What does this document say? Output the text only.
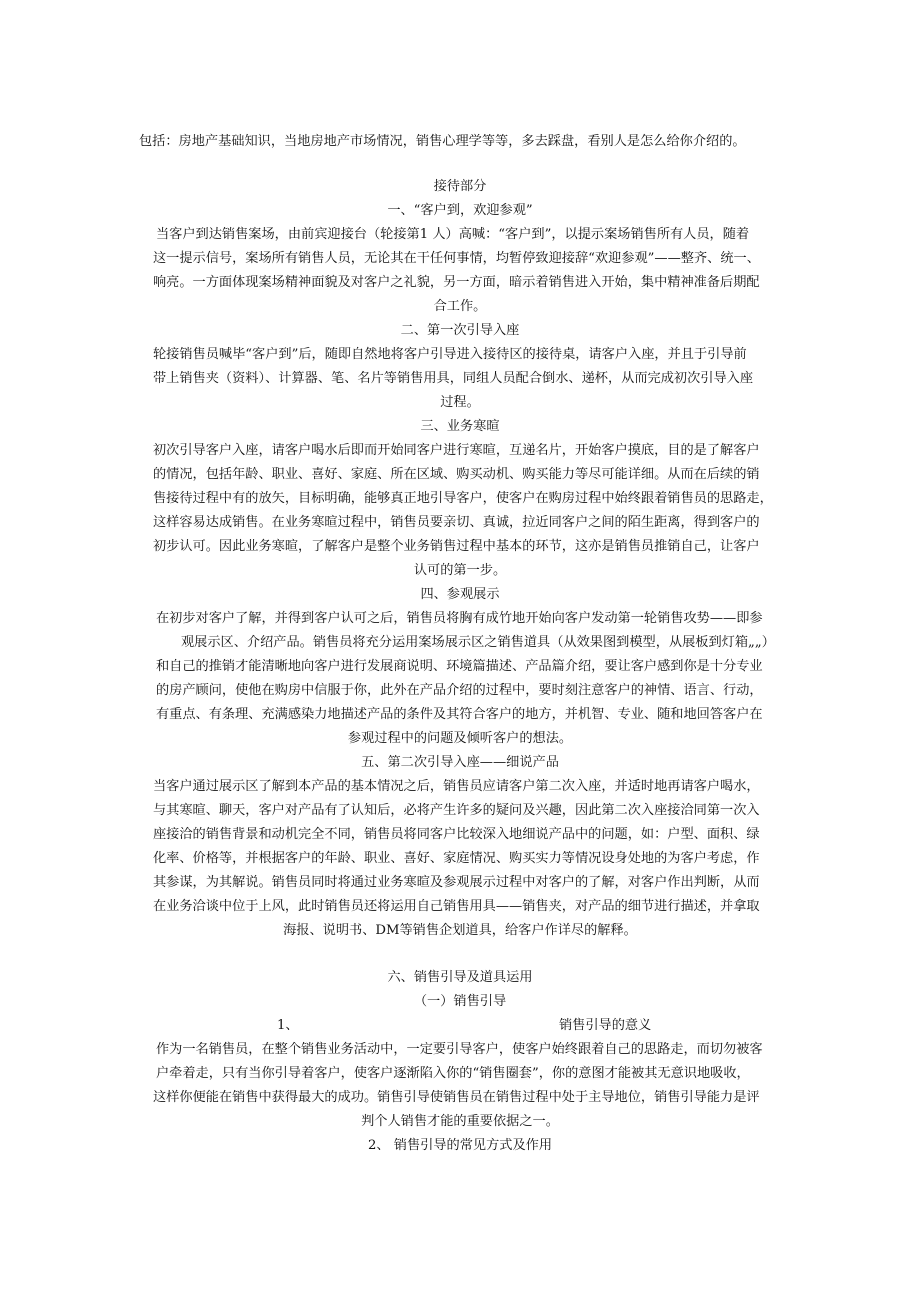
包括：房地产基础知识，当地房地产市场情况，销售心理学等等，多去踩盘，看别人是怎么给你介绍的。
接待部分
一、“客户到，欢迎参观”
当客户到达销售案场，由前宾迎接台（轮接第1 人）高喊：“客户到”，以提示案场销售所有人员，随着
这一提示信号，案场所有销售人员，无论其在干任何事情，均暂停致迎接辞“欢迎参观”——整齐、统一、
响亮。一方面体现案场精神面貌及对客户之礼貌，另一方面，暗示着销售进入开始，集中精神准备后期配
合工作。
二、第一次引导入座
轮接销售员喊毕“客户到”后，随即自然地将客户引导进入接待区的接待桌，请客户入座，并且于引导前
带上销售夹（资料）、计算器、笔、名片等销售用具，同组人员配合倒水、递杯，从而完成初次引导入座
过程。
三、业务寒暄
初次引导客户入座，请客户喝水后即而开始同客户进行寒暄，互递名片，开始客户摸底，目的是了解客户
的情况，包括年龄、职业、喜好、家庭、所在区域、购买动机、购买能力等尽可能详细。从而在后续的销
售接待过程中有的放矢，目标明确，能够真正地引导客户，使客户在购房过程中始终跟着销售员的思路走，
这样容易达成销售。在业务寒暄过程中，销售员要亲切、真诚，拉近同客户之间的陌生距离，得到客户的
初步认可。因此业务寒暄，了解客户是整个业务销售过程中基本的环节，这亦是销售员推销自己，让客户
认可的第一步。
四、参观展示
在初步对客户了解，并得到客户认可之后，销售员将胸有成竹地开始向客户发动第一轮销售攻势——即参
观展示区、介绍产品。销售员将充分运用案场展示区之销售道具（从效果图到模型，从展板到灯箱„„）
和自己的推销才能清晰地向客户进行发展商说明、环境篇描述、产品篇介绍，要让客户感到你是十分专业
的房产顾问，使他在购房中信服于你，此外在产品介绍的过程中，要时刻注意客户的神情、语言、行动，
有重点、有条理、充满感染力地描述产品的条件及其符合客户的地方，并机智、专业、随和地回答客户在
参观过程中的问题及倾听客户的想法。
五、第二次引导入座——细说产品
当客户通过展示区了解到本产品的基本情况之后，销售员应请客户第二次入座，并适时地再请客户喝水，
与其寒暄、聊天，客户对产品有了认知后，必将产生许多的疑问及兴趣，因此第二次入座接洽同第一次入
座接洽的销售背景和动机完全不同，销售员将同客户比较深入地细说产品中的问题，如：户型、面积、绿
化率、价格等，并根据客户的年龄、职业、喜好、家庭情况、购买实力等情况设身处地的为客户考虑，作
其参谋，为其解说。销售员同时将通过业务寒暄及参观展示过程中对客户的了解，对客户作出判断，从而
在业务洽谈中位于上风，此时销售员还将运用自己销售用具——销售夹，对产品的细节进行描述，并拿取
海报、说明书、DM等销售企划道具，给客户作详尽的解释。
六、销售引导及道具运用
（一）销售引导
1、	销售引导的意义
作为一名销售员，在整个销售业务活动中，一定要引导客户，使客户始终跟着自己的思路走，而切勿被客
户牵着走，只有当你引导着客户，使客户逐渐陷入你的“销售圈套”，你的意图才能被其无意识地吸收，
这样你便能在销售中获得最大的成功。销售引导使销售员在销售过程中处于主导地位，销售引导能力是评
判个人销售才能的重要依据之一。
2、 销售引导的常见方式及作用
